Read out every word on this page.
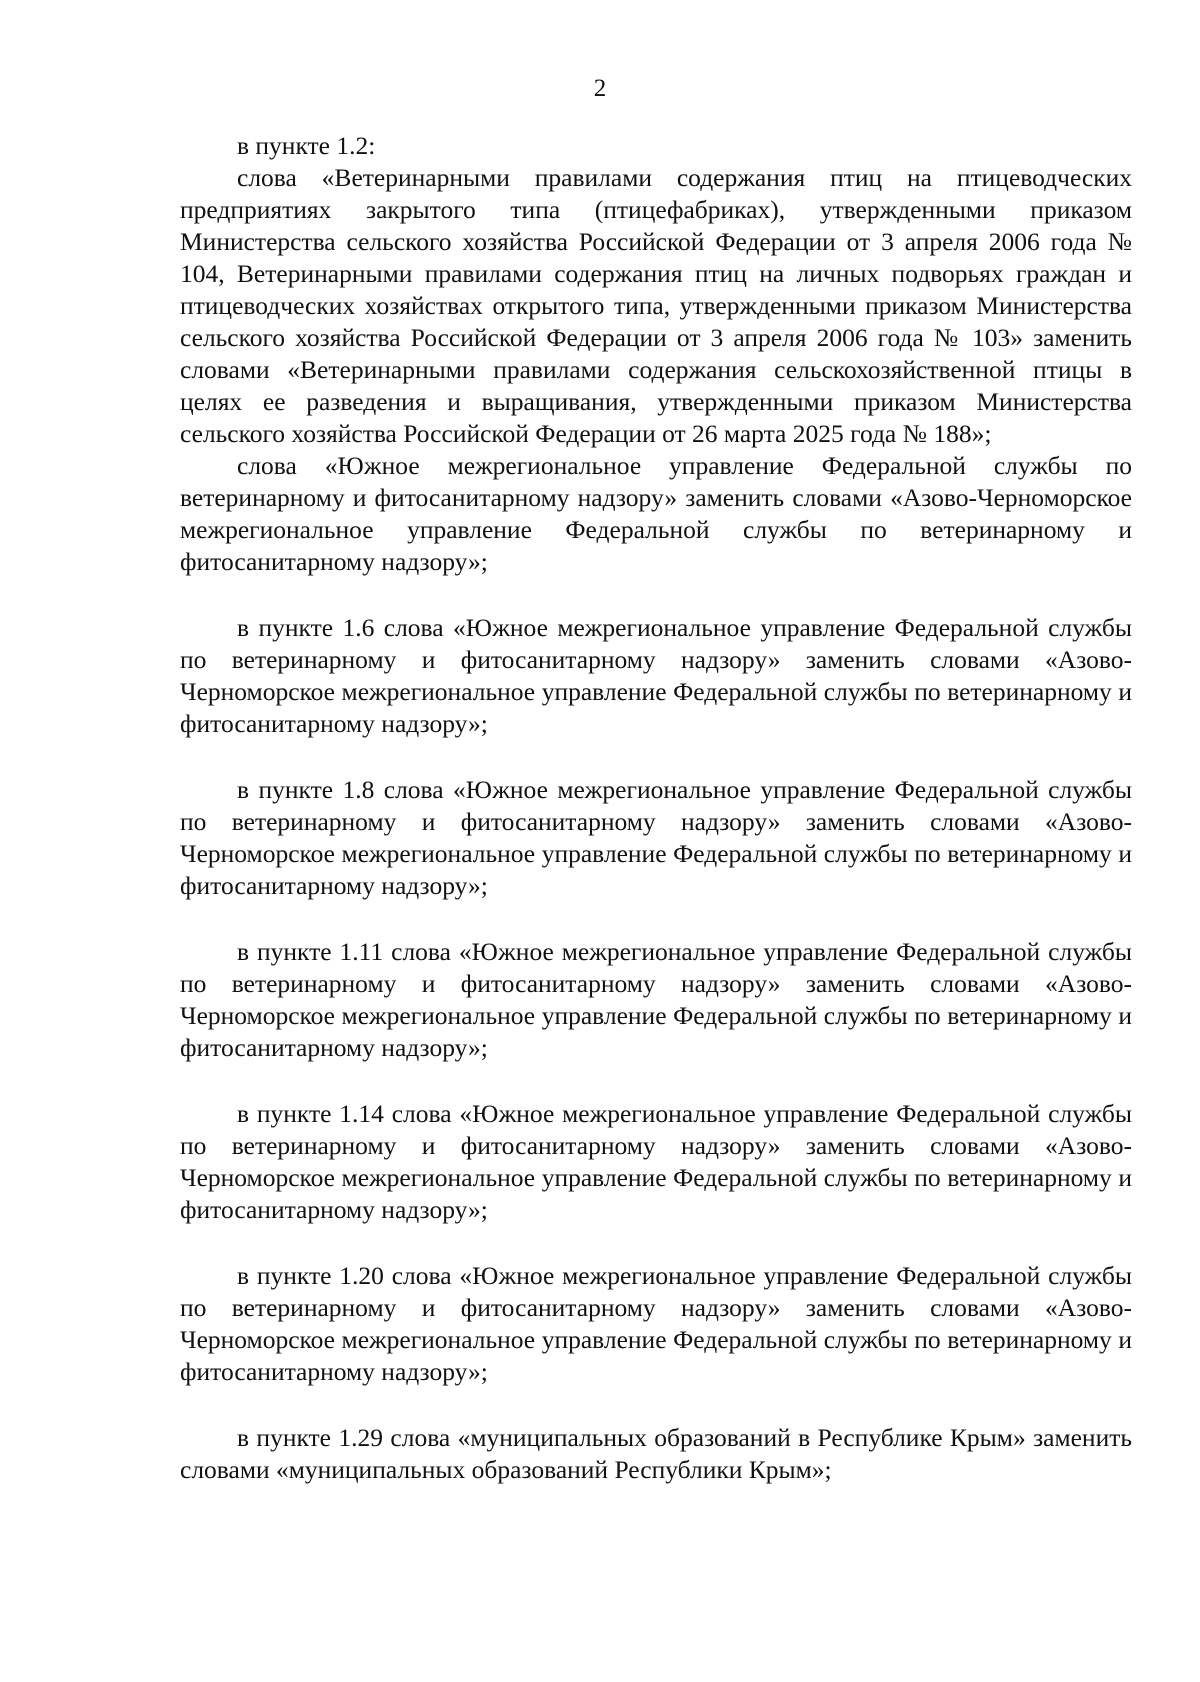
2

в пункте 1.2:

слова «Ветеринарными правилами содержания птиц на птицеводческих предприятиях закрытого типа (птицефабриках), утвержденными приказом Министерства сельского хозяйства Российской Федерации от 3 апреля 2006 года № 104, Ветеринарными правилами содержания птиц на личных подворьях граждан и птицеводческих хозяйствах открытого типа, утвержденными приказом Министерства сельского хозяйства Российской Федерации от 3 апреля 2006 года № 103» заменить словами «Ветеринарными правилами содержания сельскохозяйственной птицы в целях ее разведения и выращивания, утвержденными приказом Министерства сельского хозяйства Российской Федерации от 26 марта 2025 года № 188»;

слова «Южное межрегиональное управление Федеральной службы по ветеринарному и фитосанитарному надзору» заменить словами «Азово-Черноморское межрегиональное управление Федеральной службы по ветеринарному и фитосанитарному надзору»;

в пункте 1.6 слова «Южное межрегиональное управление Федеральной службы по ветеринарному и фитосанитарному надзору» заменить словами «Азово-Черноморское межрегиональное управление Федеральной службы по ветеринарному и фитосанитарному надзору»;

в пункте 1.8 слова «Южное межрегиональное управление Федеральной службы по ветеринарному и фитосанитарному надзору» заменить словами «Азово-Черноморское межрегиональное управление Федеральной службы по ветеринарному и фитосанитарному надзору»;

в пункте 1.11 слова «Южное межрегиональное управление Федеральной службы по ветеринарному и фитосанитарному надзору» заменить словами «Азово-Черноморское межрегиональное управление Федеральной службы по ветеринарному и фитосанитарному надзору»;

в пункте 1.14 слова «Южное межрегиональное управление Федеральной службы по ветеринарному и фитосанитарному надзору» заменить словами «Азово-Черноморское межрегиональное управление Федеральной службы по ветеринарному и фитосанитарному надзору»;

в пункте 1.20 слова «Южное межрегиональное управление Федеральной службы по ветеринарному и фитосанитарному надзору» заменить словами «Азово-Черноморское межрегиональное управление Федеральной службы по ветеринарному и фитосанитарному надзору»;

в пункте 1.29 слова «муниципальных образований в Республике Крым» заменить словами «муниципальных образований Республики Крым»;
